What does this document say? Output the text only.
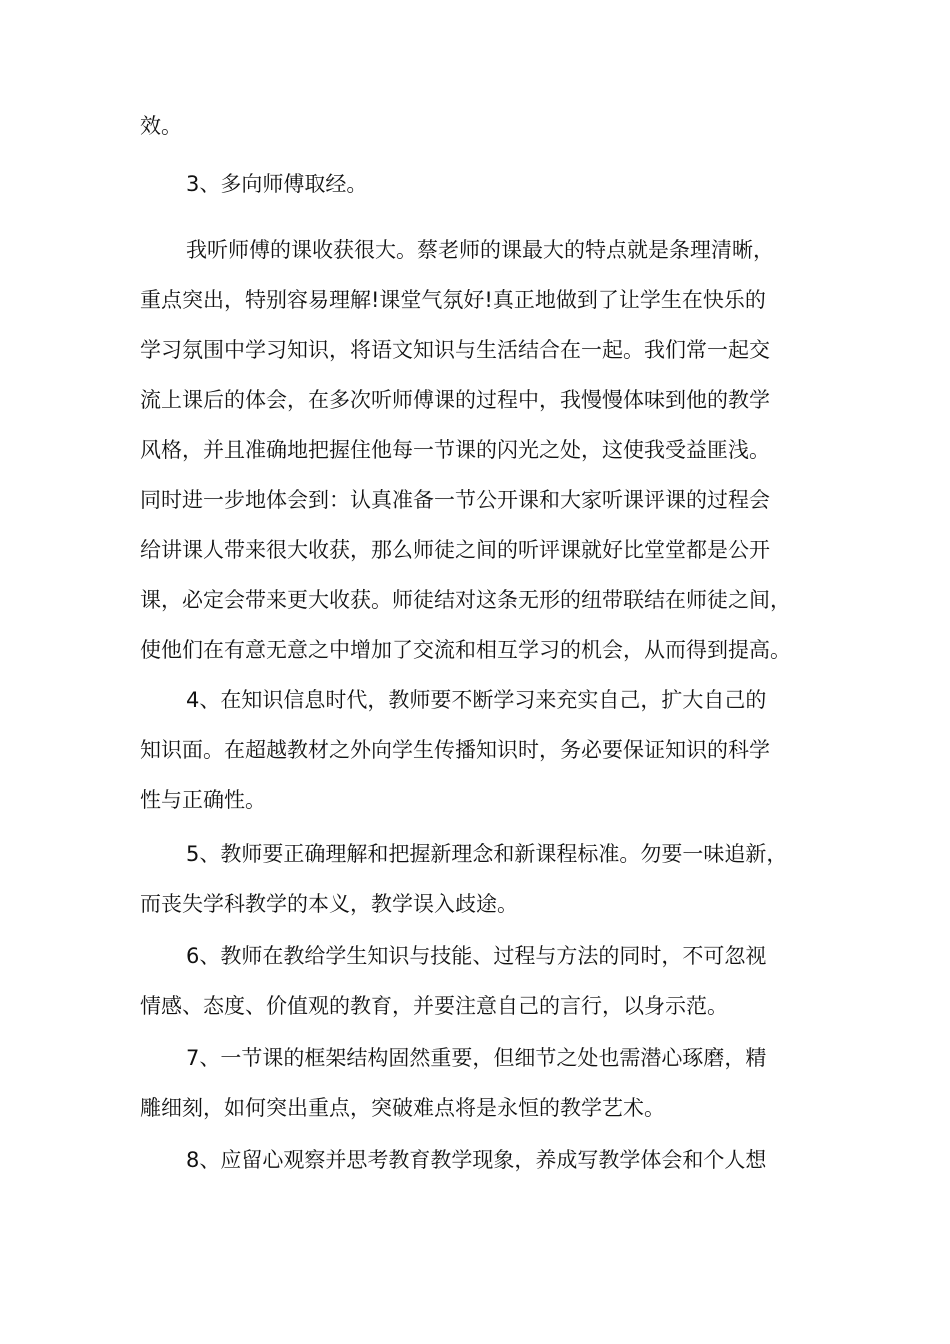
效。
3、多向师傅取经。
我听师傅的课收获很大。蔡老师的课最大的特点就是条理清晰，
重点突出，特别容易理解!课堂气氛好!真正地做到了让学生在快乐的
学习氛围中学习知识，将语文知识与生活结合在一起。我们常一起交
流上课后的体会，在多次听师傅课的过程中，我慢慢体味到他的教学
风格，并且准确地把握住他每一节课的闪光之处，这使我受益匪浅。
同时进一步地体会到：认真准备一节公开课和大家听课评课的过程会
给讲课人带来很大收获，那么师徒之间的听评课就好比堂堂都是公开
课，必定会带来更大收获。师徒结对这条无形的纽带联结在师徒之间，
使他们在有意无意之中增加了交流和相互学习的机会，从而得到提高。
4、在知识信息时代，教师要不断学习来充实自己，扩大自己的
知识面。在超越教材之外向学生传播知识时，务必要保证知识的科学
性与正确性。
5、教师要正确理解和把握新理念和新课程标准。勿要一味追新，
而丧失学科教学的本义，教学误入歧途。
6、教师在教给学生知识与技能、过程与方法的同时，不可忽视
情感、态度、价值观的教育，并要注意自己的言行，以身示范。
7、一节课的框架结构固然重要，但细节之处也需潜心琢磨，精
雕细刻，如何突出重点，突破难点将是永恒的教学艺术。
8、应留心观察并思考教育教学现象，养成写教学体会和个人想
